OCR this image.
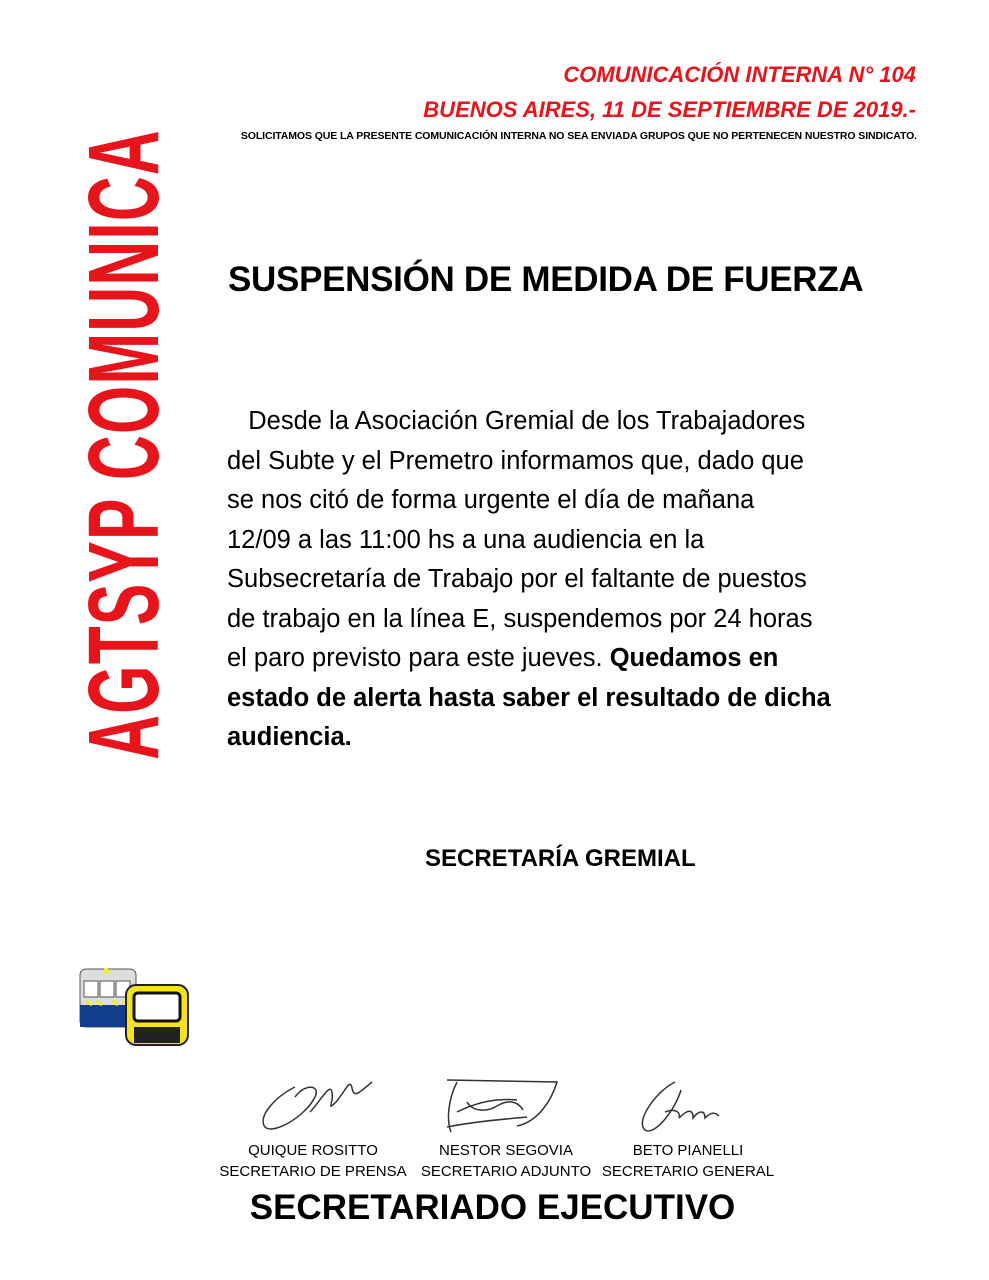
COMUNICACIÓN INTERNA N° 104
BUENOS AIRES, 11 DE SEPTIEMBRE DE 2019.-
SOLICITAMOS QUE LA PRESENTE COMUNICACIÓN INTERNA NO SEA ENVIADA GRUPOS QUE NO PERTENECEN NUESTRO SINDICATO.
AGTSYP COMUNICA SUSPENSIÓN DE MEDIDA DE FUERZA
Desde la Asociación Gremial de los Trabajadores
del Subte y el Premetro informamos que, dado que
se nos citó de forma urgente el día de mañana
12/09 a las 11:00 hs a una audiencia en la
Subsecretaría de Trabajo por el faltante de puestos
de trabajo en la línea E, suspendemos por 24 horas
el paro previsto para este jueves. Quedamos en
estado de alerta hasta saber el resultado de dicha
audiencia.
SECRETARÍA GREMIAL
QUIQUE ROSITTO
SECRETARIO DE PRENSA
NESTOR SEGOVIA
SECRETARIO ADJUNTO
BETO PIANELLI
SECRETARIO GENERAL
SECRETARIADO EJECUTIVO
